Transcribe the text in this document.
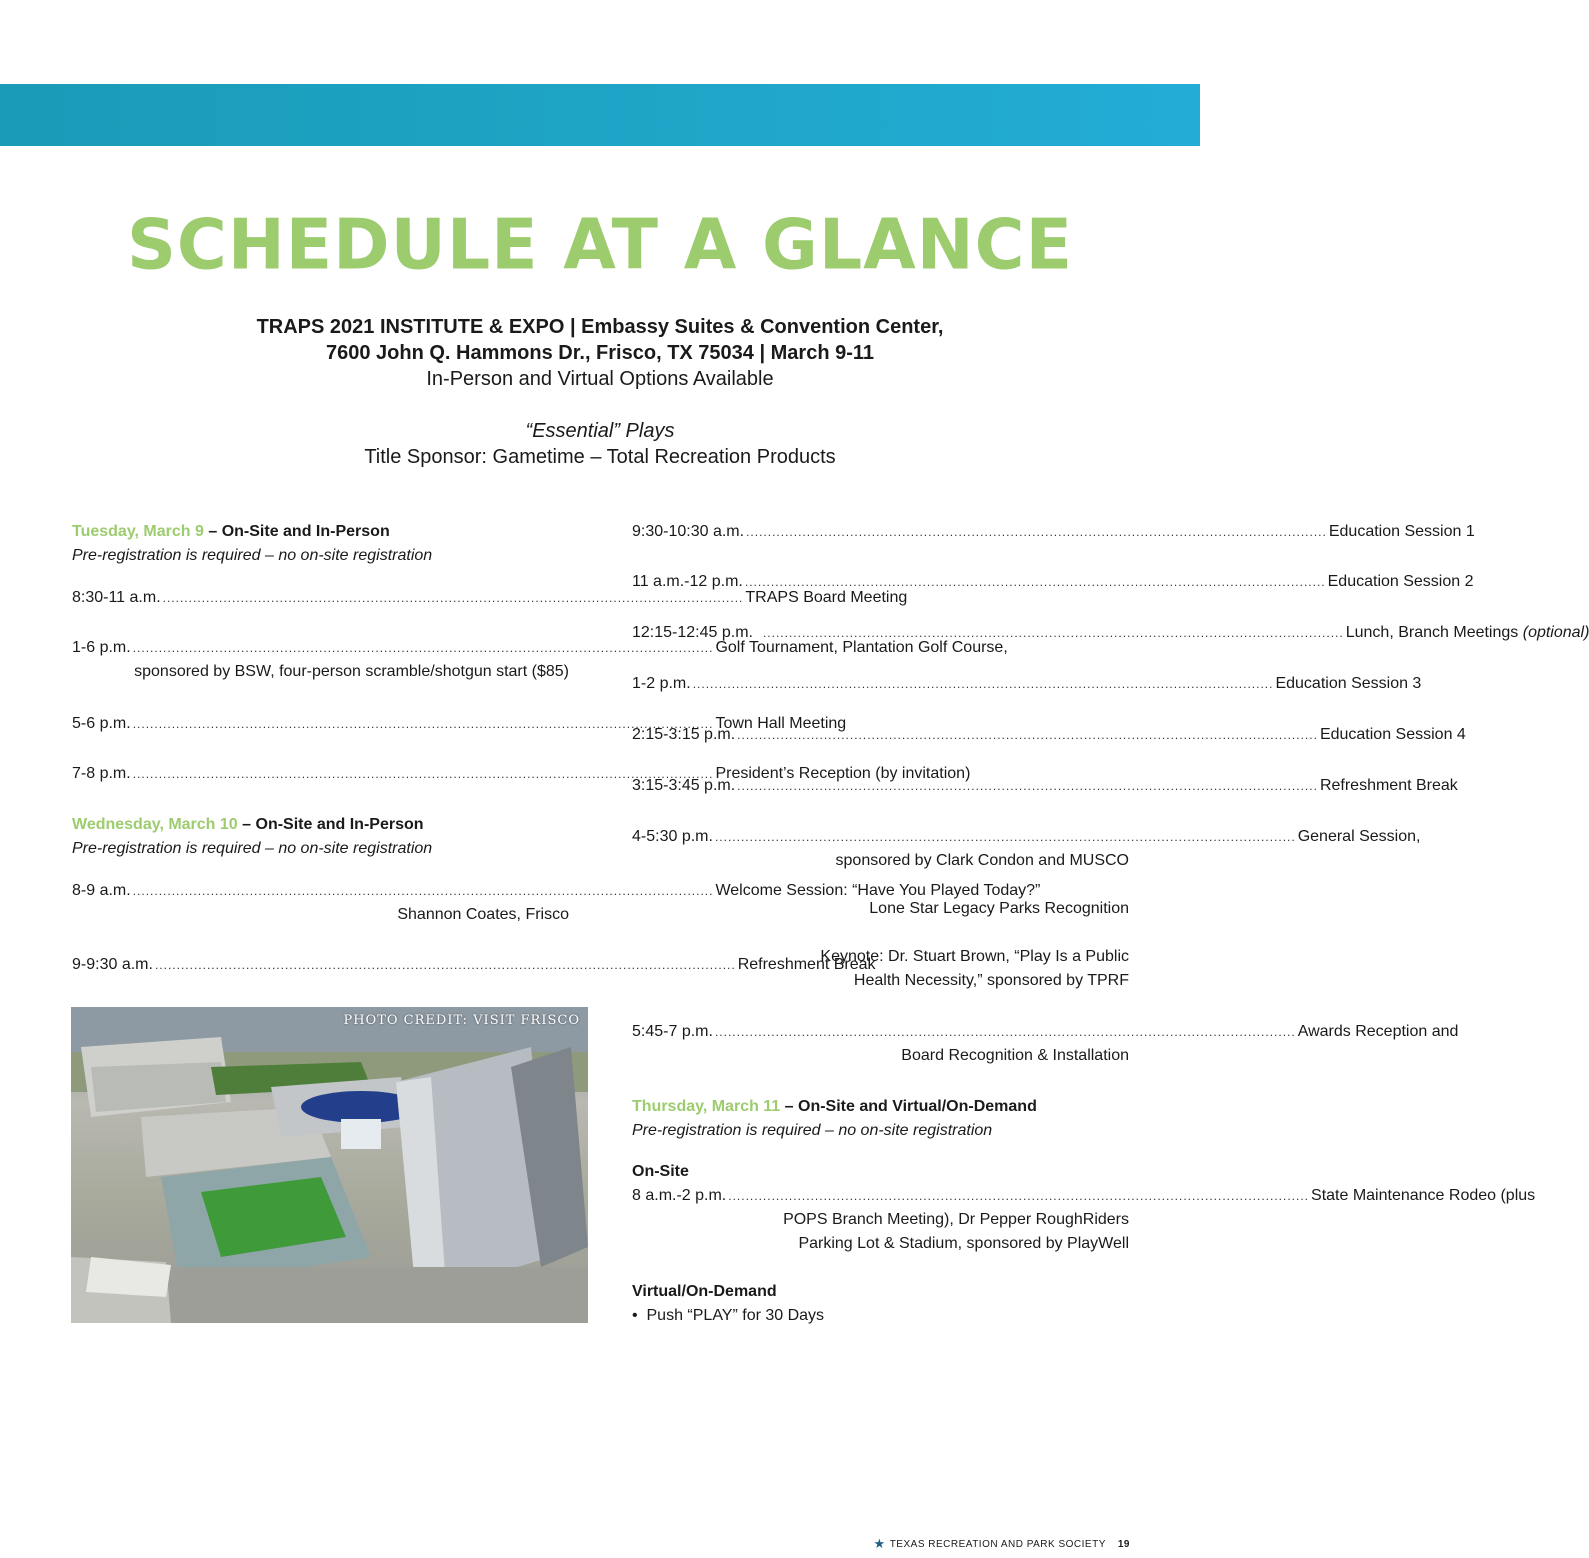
SCHEDULE AT A GLANCE
TRAPS 2021 INSTITUTE & EXPO | Embassy Suites & Convention Center,
7600 John Q. Hammons Dr., Frisco, TX 75034 | March 9-11
In-Person and Virtual Options Available
“Essential” Plays
Title Sponsor: Gametime – Total Recreation Products
Tuesday, March 9 – On-Site and In-Person
Pre-registration is required – no on-site registration
8:30-11 a.m. ...................................................................................................................................... TRAPS Board Meeting
1-6 p.m. ...................................................................................................................................... Golf Tournament, Plantation Golf Course,
sponsored by BSW, four-person scramble/shotgun start ($85)
5-6 p.m. ...................................................................................................................................... Town Hall Meeting
7-8 p.m. ...................................................................................................................................... President’s Reception (by invitation)
Wednesday, March 10 – On-Site and In-Person
Pre-registration is required – no on-site registration
8-9 a.m. ...................................................................................................................................... Welcome Session: “Have You Played Today?”
Shannon Coates, Frisco
9-9:30 a.m. ...................................................................................................................................... Refreshment Break
PHOTO CREDIT: VISIT FRISCO
9:30-10:30 a.m. ...................................................................................................................................... Education Session 1
11 a.m.-12 p.m. ...................................................................................................................................... Education Session 2
12:15-12:45 p.m. ...................................................................................................................................... Lunch, Branch Meetings (optional)
1-2 p.m. ...................................................................................................................................... Education Session 3
2:15-3:15 p.m. ...................................................................................................................................... Education Session 4
3:15-3:45 p.m. ...................................................................................................................................... Refreshment Break
4-5:30 p.m. ...................................................................................................................................... General Session,
sponsored by Clark Condon and MUSCO
Lone Star Legacy Parks Recognition
Keynote: Dr. Stuart Brown, “Play Is a Public
Health Necessity,” sponsored by TPRF
5:45-7 p.m. ...................................................................................................................................... Awards Reception and
Board Recognition & Installation
Thursday, March 11 – On-Site and Virtual/On-Demand
Pre-registration is required – no on-site registration
On-Site
8 a.m.-2 p.m. ...................................................................................................................................... State Maintenance Rodeo (plus
POPS Branch Meeting), Dr Pepper RoughRiders
Parking Lot & Stadium, sponsored by PlayWell
Virtual/On-Demand
•  Push “PLAY” for 30 Days
★ TEXAS RECREATION AND PARK SOCIETY 19
